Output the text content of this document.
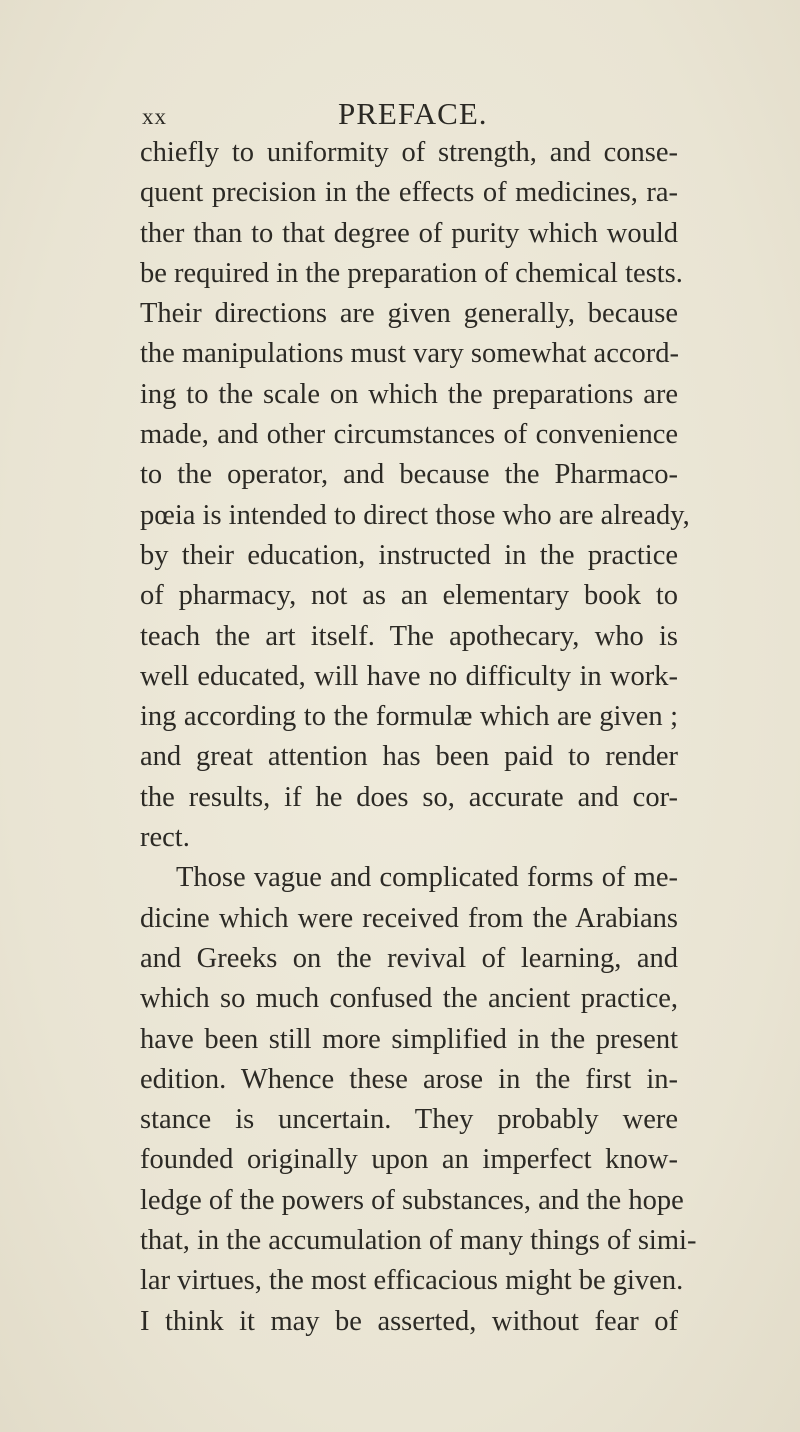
xx	PREFACE.
chiefly to uniformity of strength, and conse-
quent precision in the effects of medicines, ra-
ther than to that degree of purity which would
be required in the preparation of chemical tests.
Their directions are given generally, because
the manipulations must vary somewhat accord-
ing to the scale on which the preparations are
made, and other circumstances of convenience
to the operator, and because the Pharmaco-
pœia is intended to direct those who are already,
by their education, instructed in the practice
of pharmacy, not as an elementary book to
teach the art itself. The apothecary, who is
well educated, will have no difficulty in work-
ing according to the formulæ which are given ;
and great attention has been paid to render
the results, if he does so, accurate and cor-
rect.
Those vague and complicated forms of me-
dicine which were received from the Arabians
and Greeks on the revival of learning, and
which so much confused the ancient practice,
have been still more simplified in the present
edition. Whence these arose in the first in-
stance is uncertain. They probably were
founded originally upon an imperfect know-
ledge of the powers of substances, and the hope
that, in the accumulation of many things of simi-
lar virtues, the most efficacious might be given.
I think it may be asserted, without fear of
